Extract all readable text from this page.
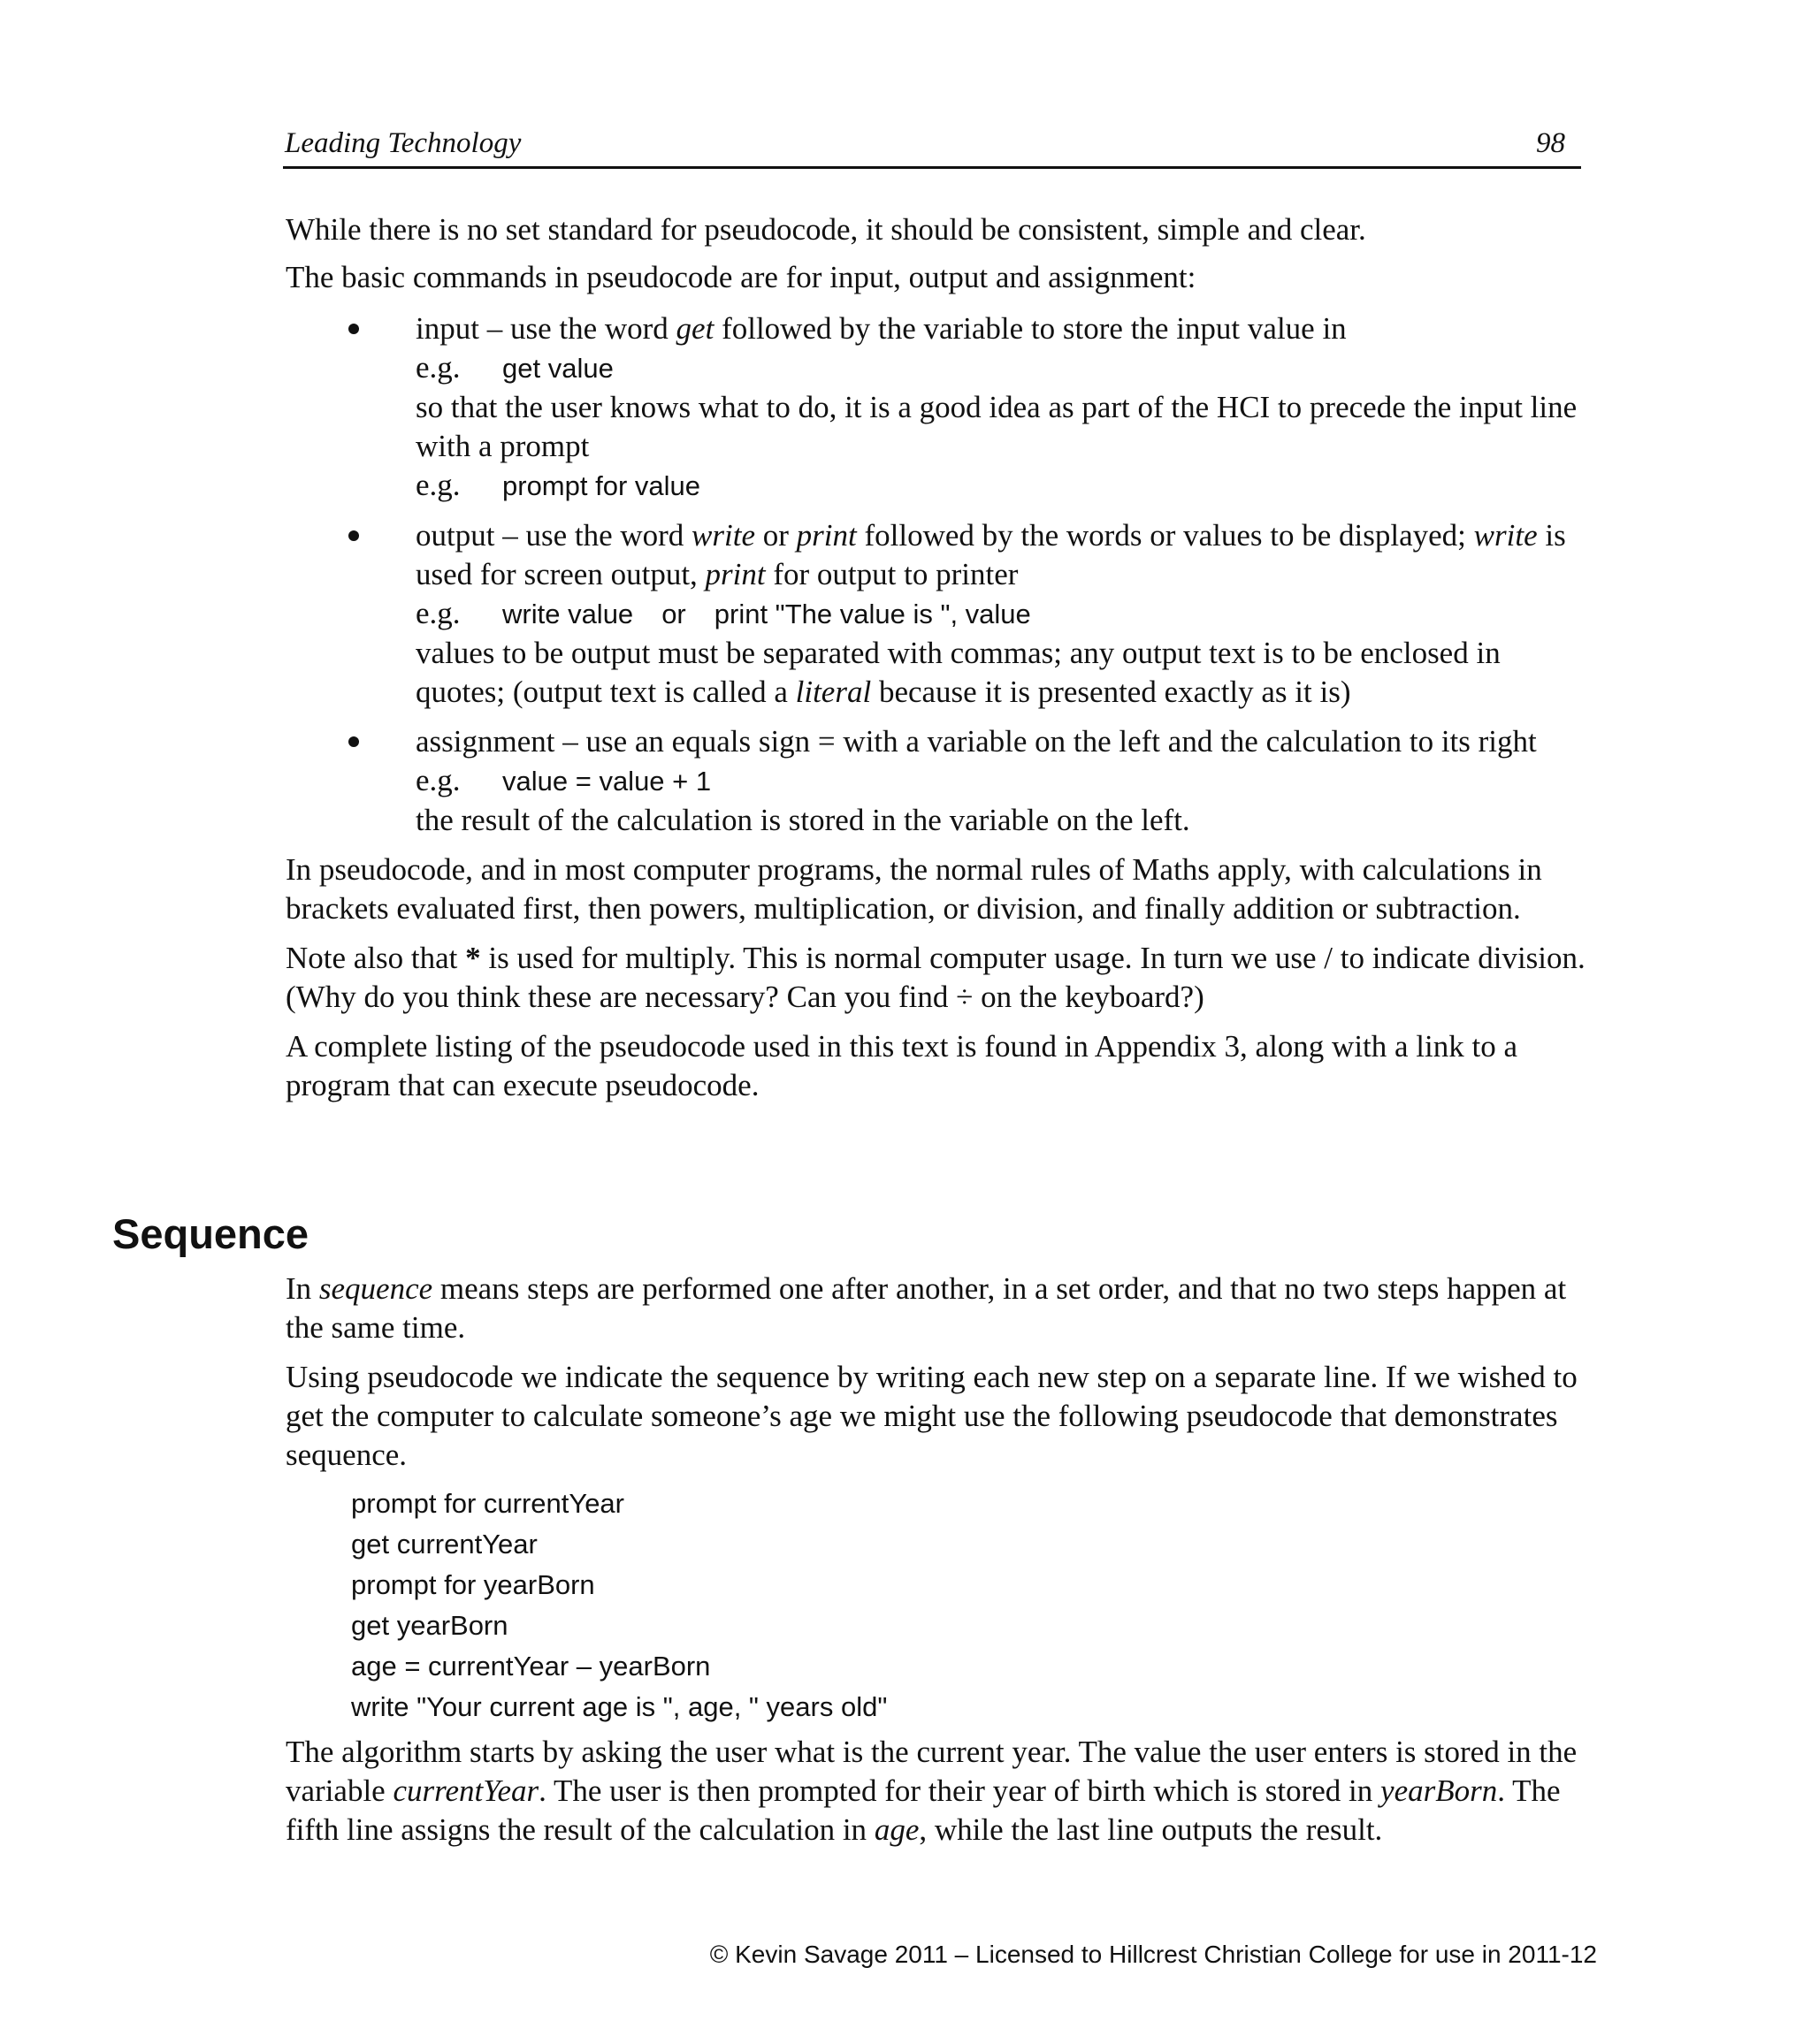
Leading Technology	98

While there is no set standard for pseudocode, it should be consistent, simple and clear.

The basic commands in pseudocode are for input, output and assignment:

input – use the word get followed by the variable to store the input value in

e.g. get value

so that the user knows what to do, it is a good idea as part of the HCI to precede the input line with a prompt

e.g. prompt for value

output – use the word write or print followed by the words or values to be displayed; write is used for screen output, print for output to printer

e.g. write value or print "The value is ", value

values to be output must be separated with commas; any output text is to be enclosed in quotes; (output text is called a literal because it is presented exactly as it is)

assignment – use an equals sign = with a variable on the left and the calculation to its right

e.g. value = value + 1

the result of the calculation is stored in the variable on the left.

In pseudocode, and in most computer programs, the normal rules of Maths apply, with calculations in brackets evaluated first, then powers, multiplication, or division, and finally addition or subtraction.

Note also that * is used for multiply. This is normal computer usage. In turn we use / to indicate division. (Why do you think these are necessary? Can you find ÷ on the keyboard?)

A complete listing of the pseudocode used in this text is found in Appendix 3, along with a link to a program that can execute pseudocode.

Sequence

In sequence means steps are performed one after another, in a set order, and that no two steps happen at the same time.

Using pseudocode we indicate the sequence by writing each new step on a separate line. If we wished to get the computer to calculate someone’s age we might use the following pseudocode that demonstrates sequence.

prompt for currentYear
get currentYear
prompt for yearBorn
get yearBorn
age = currentYear – yearBorn
write "Your current age is ", age, " years old"

The algorithm starts by asking the user what is the current year. The value the user enters is stored in the variable currentYear. The user is then prompted for their year of birth which is stored in yearBorn. The fifth line assigns the result of the calculation in age, while the last line outputs the result.

© Kevin Savage 2011 – Licensed to Hillcrest Christian College for use in 2011-12
